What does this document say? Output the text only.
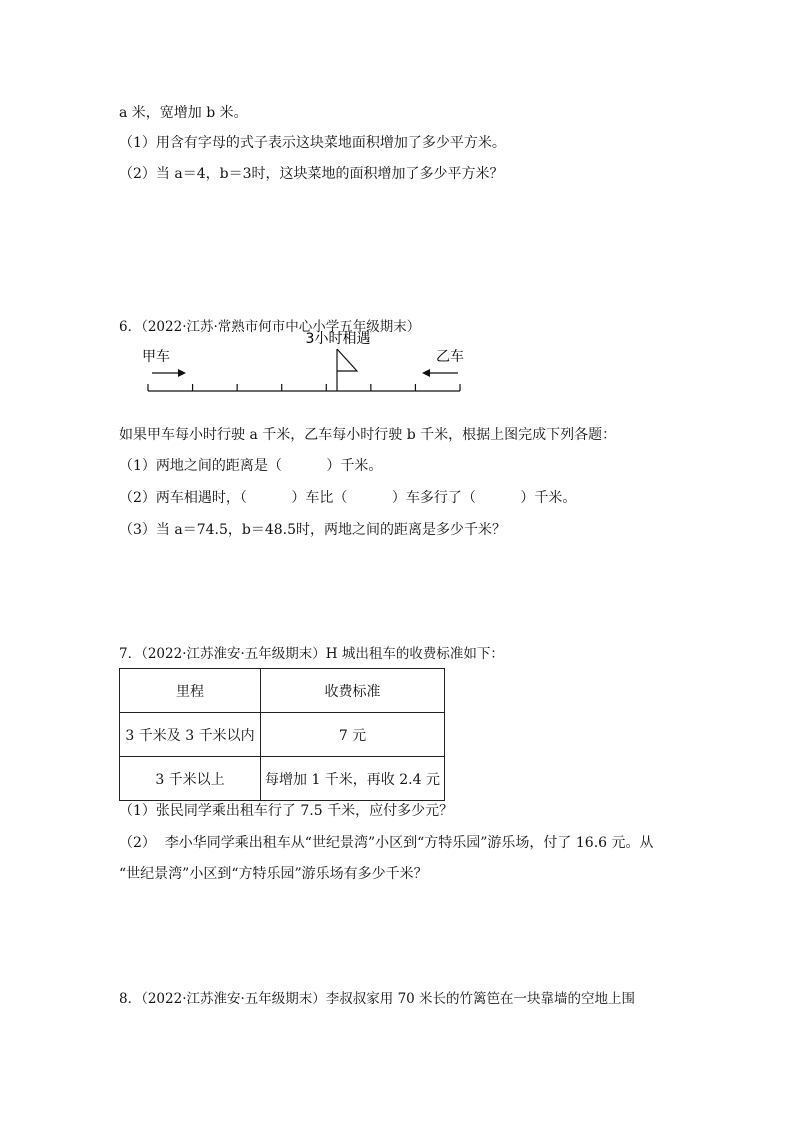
a 米，宽增加 b 米。
（1）用含有字母的式子表示这块菜地面积增加了多少平方米。
（2）当 a＝4，b＝3时，这块菜地的面积增加了多少平方米？
6．（2022·江苏·常熟市何市中心小学五年级期末）
3小时相遇
甲车	乙车
如果甲车每小时行驶 a 千米，乙车每小时行驶 b 千米，根据上图完成下列各题：
（1）两地之间的距离是（          ）千米。
（2）两车相遇时，（          ）车比（          ）车多行了（          ）千米。
（3）当 a＝74.5，b＝48.5时，两地之间的距离是多少千米？
7．（2022·江苏淮安·五年级期末）H 城出租车的收费标准如下：
里程	收费标准
3 千米及 3 千米以内	7 元
3 千米以上	每增加 1 千米，再收 2.4 元
（1）张民同学乘出租车行了 7.5 千米，应付多少元？
（2）  李小华同学乘出租车从“世纪景湾”小区到“方特乐园”游乐场，付了 16.6 元。从
“世纪景湾”小区到“方特乐园”游乐场有多少千米？
8．（2022·江苏淮安·五年级期末）李叔叔家用 70 米长的竹篱笆在一块靠墙的空地上围
